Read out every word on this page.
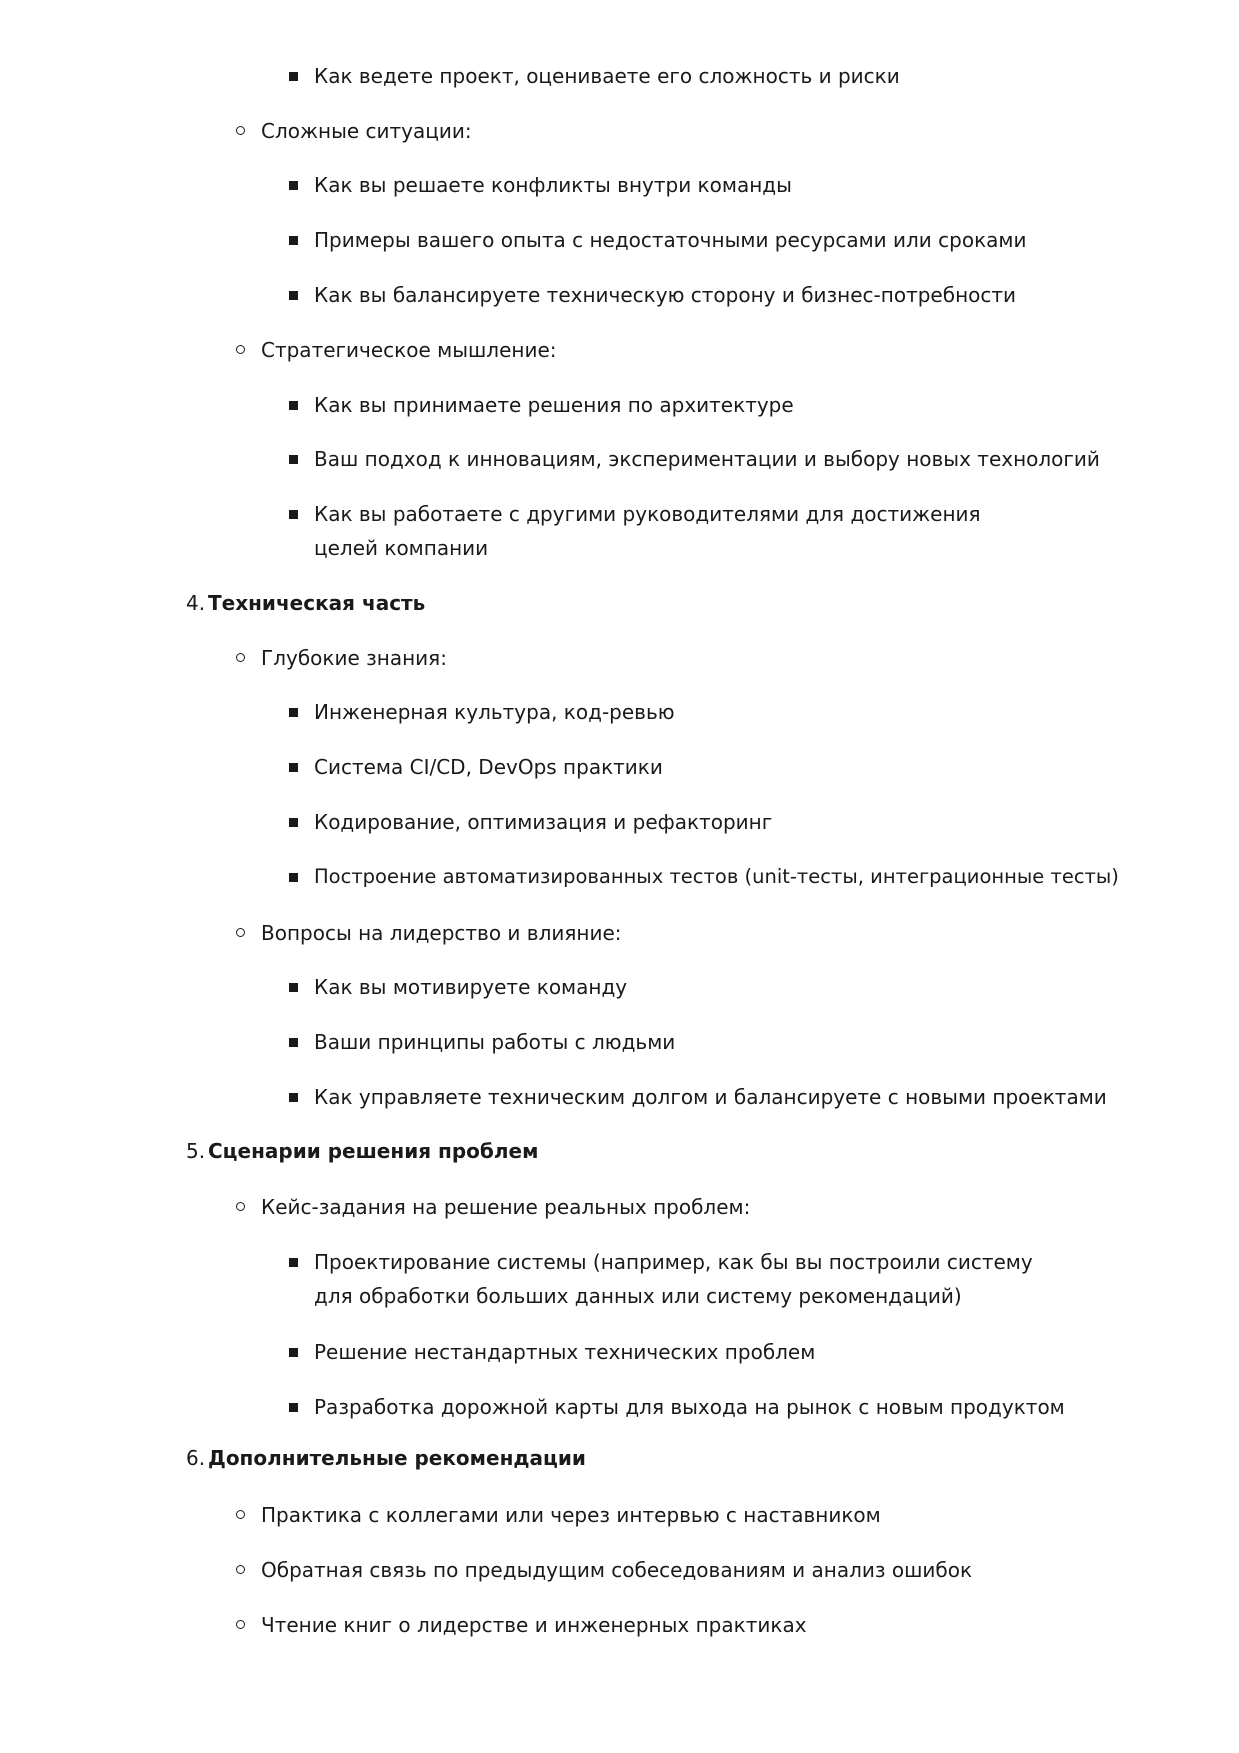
Как ведете проект, оцениваете его сложность и риски
Сложные ситуации:
Как вы решаете конфликты внутри команды
Примеры вашего опыта с недостаточными ресурсами или сроками
Как вы балансируете техническую сторону и бизнес-потребности
Стратегическое мышление:
Как вы принимаете решения по архитектуре
Ваш подход к инновациям, экспериментации и выбору новых технологий
Как вы работаете с другими руководителями для достижения целей компании
4. Техническая часть
Глубокие знания:
Инженерная культура, код-ревью
Система CI/CD, DevOps практики
Кодирование, оптимизация и рефакторинг
Построение автоматизированных тестов (unit-тесты, интеграционные тесты)
Вопросы на лидерство и влияние:
Как вы мотивируете команду
Ваши принципы работы с людьми
Как управляете техническим долгом и балансируете с новыми проектами
5. Сценарии решения проблем
Кейс-задания на решение реальных проблем:
Проектирование системы (например, как бы вы построили систему для обработки больших данных или систему рекомендаций)
Решение нестандартных технических проблем
Разработка дорожной карты для выхода на рынок с новым продуктом
6. Дополнительные рекомендации
Практика с коллегами или через интервью с наставником
Обратная связь по предыдущим собеседованиям и анализ ошибок
Чтение книг о лидерстве и инженерных практиках
